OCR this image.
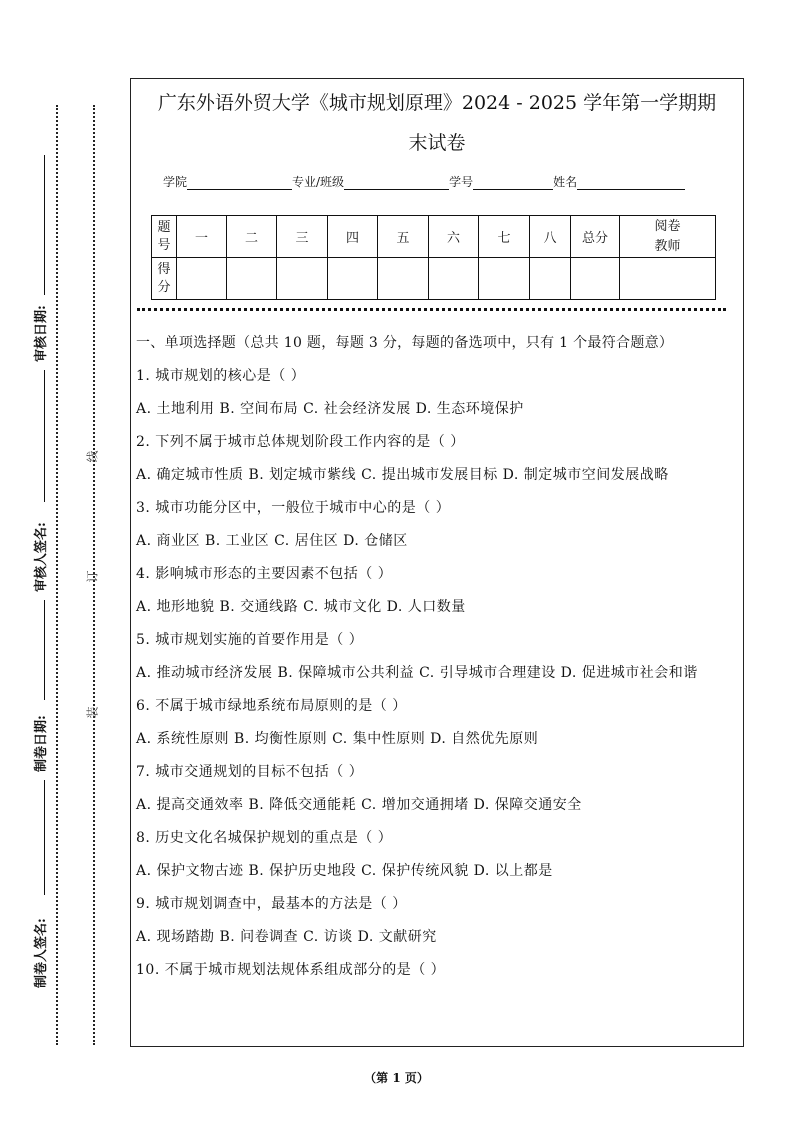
线
订
装
审核日期:
审核人签名:
制卷日期:
制卷人签名:
广东外语外贸大学《城市规划原理》2024 - 2025 学年第一学期期
末试卷
学院	专业/班级	学号	姓名
题号	一	二	三	四	五	六	七	八	总分	阅卷教师
得分										
一、单项选择题（总共 10 题，每题 3 分，每题的备选项中，只有 1 个最符合题意）
1. 城市规划的核心是（ ）
A. 土地利用 B. 空间布局 C. 社会经济发展 D. 生态环境保护
2. 下列不属于城市总体规划阶段工作内容的是（ ）
A. 确定城市性质 B. 划定城市紫线 C. 提出城市发展目标 D. 制定城市空间发展战略
3. 城市功能分区中，一般位于城市中心的是（ ）
A. 商业区 B. 工业区 C. 居住区 D. 仓储区
4. 影响城市形态的主要因素不包括（ ）
A. 地形地貌 B. 交通线路 C. 城市文化 D. 人口数量
5. 城市规划实施的首要作用是（ ）
A. 推动城市经济发展 B. 保障城市公共利益 C. 引导城市合理建设 D. 促进城市社会和谐
6. 不属于城市绿地系统布局原则的是（ ）
A. 系统性原则 B. 均衡性原则 C. 集中性原则 D. 自然优先原则
7. 城市交通规划的目标不包括（ ）
A. 提高交通效率 B. 降低交通能耗 C. 增加交通拥堵 D. 保障交通安全
8. 历史文化名城保护规划的重点是（ ）
A. 保护文物古迹 B. 保护历史地段 C. 保护传统风貌 D. 以上都是
9. 城市规划调查中，最基本的方法是（ ）
A. 现场踏勘 B. 问卷调查 C. 访谈 D. 文献研究
10. 不属于城市规划法规体系组成部分的是（ ）
（第 1 页）
